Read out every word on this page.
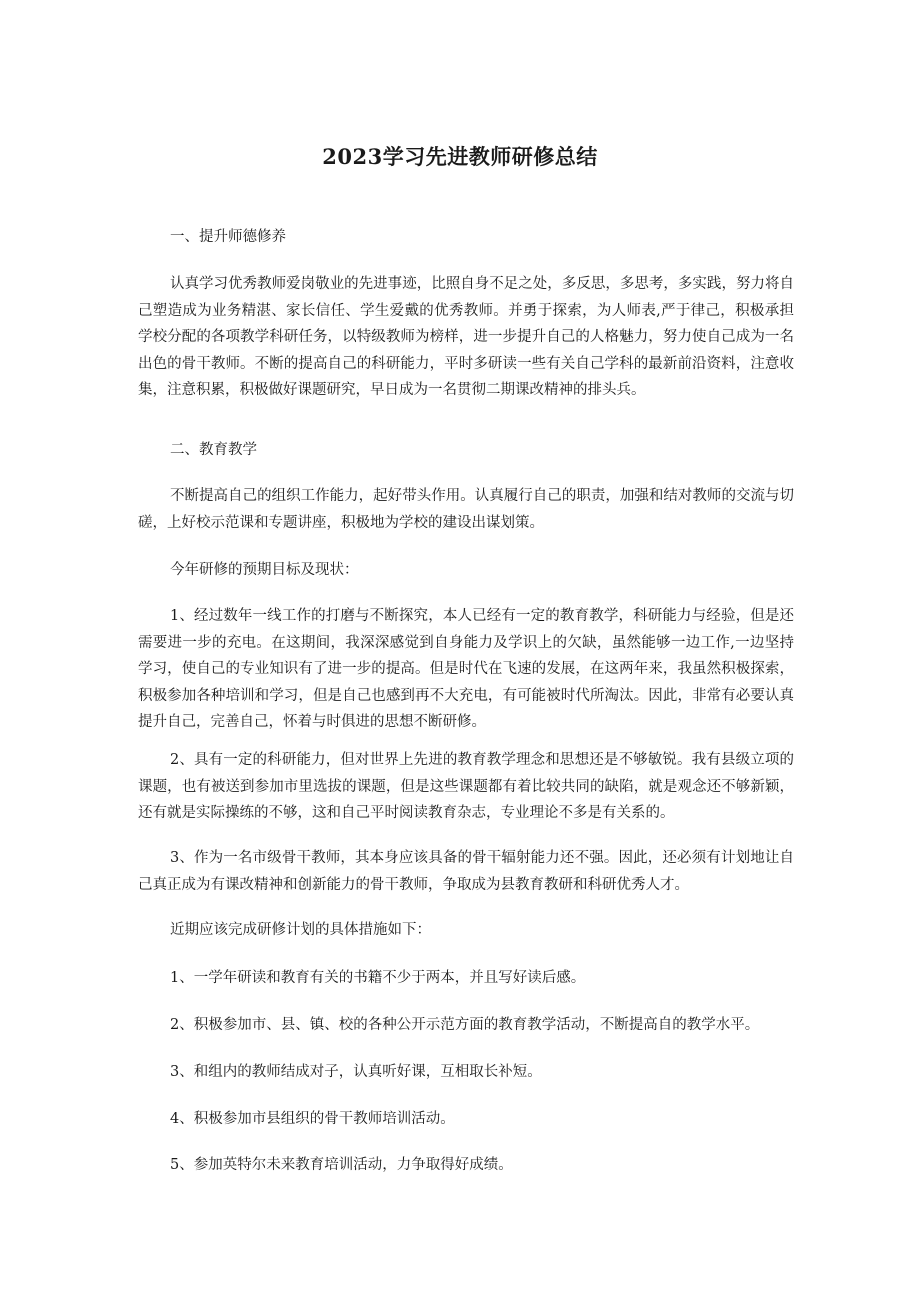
2023学习先进教师研修总结

一、提升师德修养

认真学习优秀教师爱岗敬业的先进事迹，比照自身不足之处，多反思，多思考，多实践，努力将自己塑造成为业务精湛、家长信任、学生爱戴的优秀教师。并勇于探索，为人师表,严于律己，积极承担学校分配的各项教学科研任务，以特级教师为榜样，进一步提升自己的人格魅力，努力使自己成为一名出色的骨干教师。不断的提高自己的科研能力，平时多研读一些有关自己学科的最新前沿资料，注意收集，注意积累，积极做好课题研究，早日成为一名贯彻二期课改精神的排头兵。

二、教育教学

不断提高自己的组织工作能力，起好带头作用。认真履行自己的职责，加强和结对教师的交流与切磋，上好校示范课和专题讲座，积极地为学校的建设出谋划策。

今年研修的预期目标及现状：

1、经过数年一线工作的打磨与不断探究，本人已经有一定的教育教学，科研能力与经验，但是还需要进一步的充电。在这期间，我深深感觉到自身能力及学识上的欠缺，虽然能够一边工作,一边坚持学习，使自己的专业知识有了进一步的提高。但是时代在飞速的发展，在这两年来，我虽然积极探索，积极参加各种培训和学习，但是自己也感到再不大充电，有可能被时代所淘汰。因此，非常有必要认真提升自己，完善自己，怀着与时俱进的思想不断研修。

2、具有一定的科研能力，但对世界上先进的教育教学理念和思想还是不够敏锐。我有县级立项的课题，也有被送到参加市里选拔的课题，但是这些课题都有着比较共同的缺陷，就是观念还不够新颖，还有就是实际操练的不够，这和自己平时阅读教育杂志，专业理论不多是有关系的。

3、作为一名市级骨干教师，其本身应该具备的骨干辐射能力还不强。因此，还必须有计划地让自己真正成为有课改精神和创新能力的骨干教师，争取成为县教育教研和科研优秀人才。

近期应该完成研修计划的具体措施如下：

1、一学年研读和教育有关的书籍不少于两本，并且写好读后感。

2、积极参加市、县、镇、校的各种公开示范方面的教育教学活动，不断提高自的教学水平。

3、和组内的教师结成对子，认真听好课，互相取长补短。

4、积极参加市县组织的骨干教师培训活动。

5、参加英特尔未来教育培训活动，力争取得好成绩。
